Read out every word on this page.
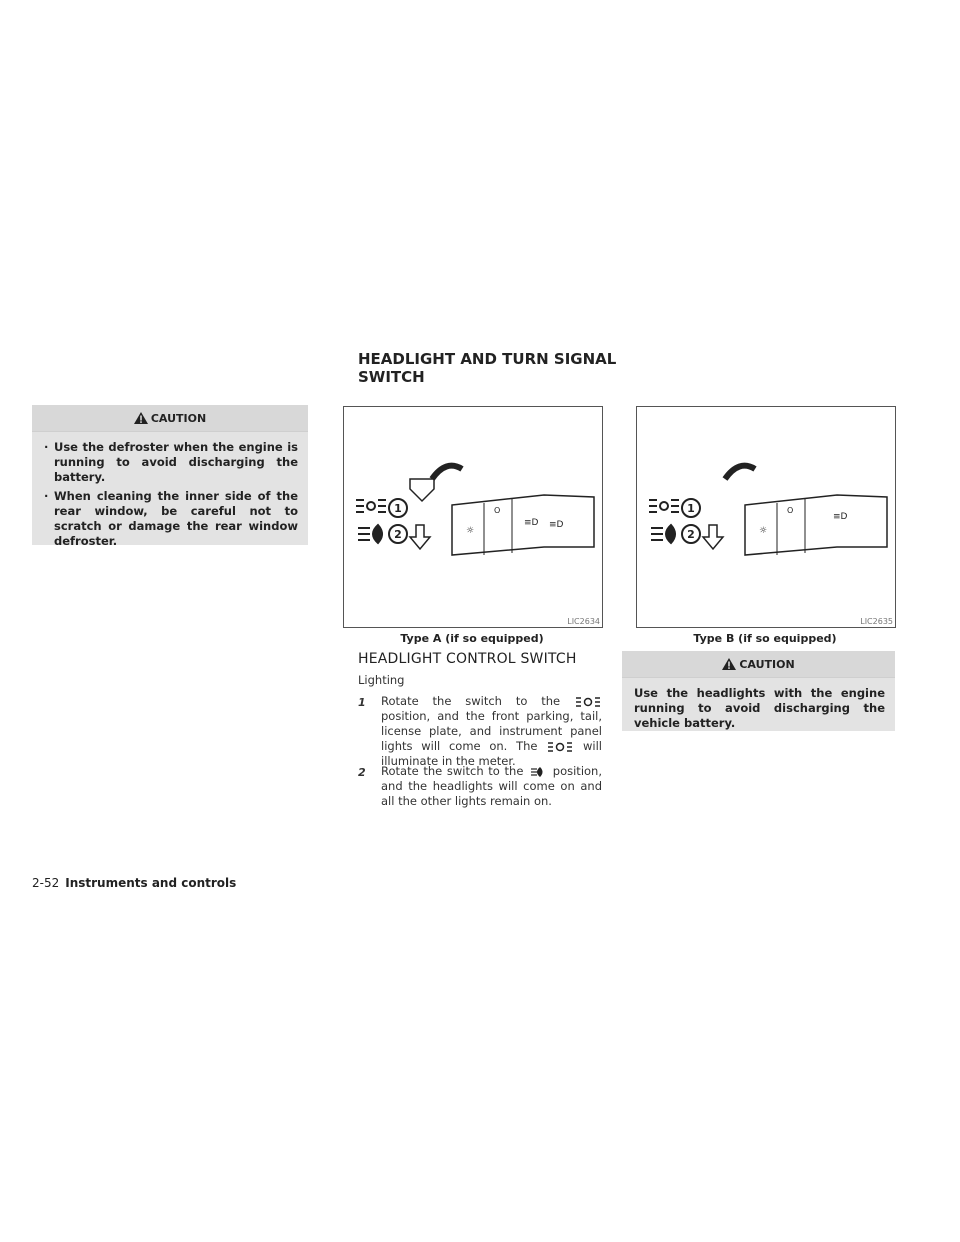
HEADLIGHT AND TURN SIGNAL
SWITCH
CAUTION
· Use the defroster when the engine is running to avoid discharging the battery.
· When cleaning the inner side of the rear window, be careful not to scratch or damage the rear window defroster.
1
2	☼
O
≡D ≡D
LIC2634
Type A (if so equipped)
1
2	☼
O
≡D
LIC2635
Type B (if so equipped)
HEADLIGHT CONTROL SWITCH
Lighting
1 Rotate the switch to the  position, and the front parking, tail, license plate, and instrument panel lights will come on. The	will illuminate in the meter.
2 Rotate the switch to the	position, and the headlights will come on and all the other lights remain on.
CAUTION
Use the headlights with the engine running to avoid discharging the vehicle battery.
2-52 Instruments and controls
